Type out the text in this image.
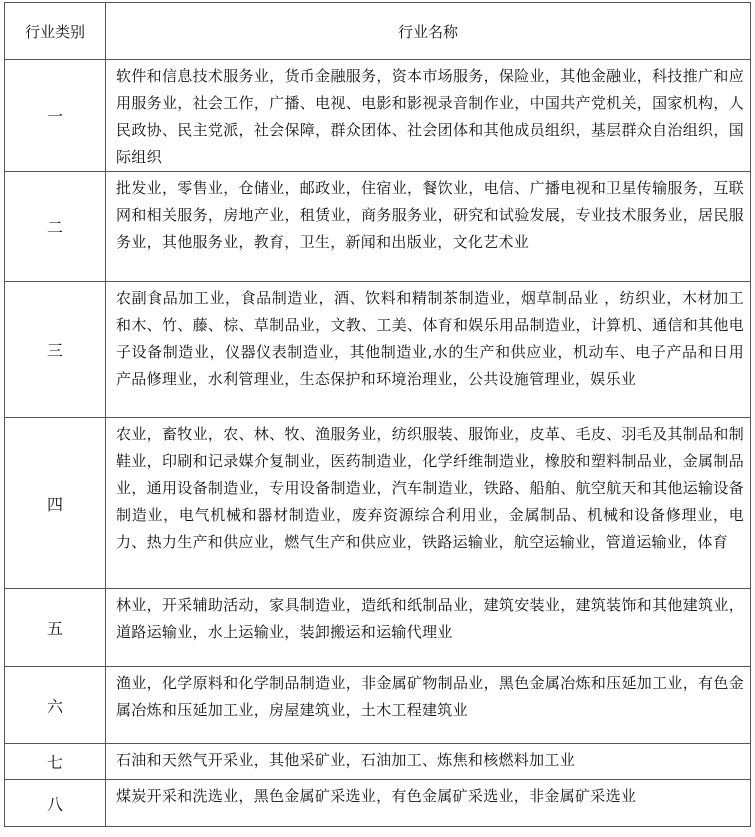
行业类别	行业名称
一	软件和信息技术服务业，货币金融服务，资本市场服务，保险业，其他金融业，科技推广和应用服务业，社会工作，广播、电视、电影和影视录音制作业，中国共产党机关，国家机构，人民政协、民主党派，社会保障，群众团体、社会团体和其他成员组织，基层群众自治组织，国际组织
二	批发业，零售业，仓储业，邮政业，住宿业，餐饮业，电信、广播电视和卫星传输服务，互联网和相关服务，房地产业，租赁业，商务服务业，研究和试验发展，专业技术服务业，居民服务业，其他服务业，教育，卫生，新闻和出版业，文化艺术业
三	农副食品加工业，食品制造业，酒、饮料和精制茶制造业，烟草制品业 ，纺织业，木材加工和木、竹、藤、棕、草制品业，文教、工美、体育和娱乐用品制造业，计算机、通信和其他电子设备制造业，仪器仪表制造业，其他制造业,水的生产和供应业，机动车、电子产品和日用产品修理业，水利管理业，生态保护和环境治理业，公共设施管理业，娱乐业
四	农业，畜牧业，农、林、牧、渔服务业，纺织服装、服饰业，皮革、毛皮、羽毛及其制品和制鞋业，印刷和记录媒介复制业，医药制造业，化学纤维制造业，橡胶和塑料制品业，金属制品业，通用设备制造业，专用设备制造业，汽车制造业，铁路、船舶、航空航天和其他运输设备制造业，电气机械和器材制造业，废弃资源综合利用业，金属制品、机械和设备修理业，电力、热力生产和供应业，燃气生产和供应业，铁路运输业，航空运输业，管道运输业，体育
五	林业，开采辅助活动，家具制造业，造纸和纸制品业，建筑安装业，建筑装饰和其他建筑业，道路运输业，水上运输业，装卸搬运和运输代理业
六	渔业，化学原料和化学制品制造业，非金属矿物制品业，黑色金属冶炼和压延加工业，有色金属冶炼和压延加工业，房屋建筑业，土木工程建筑业
七	石油和天然气开采业，其他采矿业，石油加工、炼焦和核燃料加工业
八	煤炭开采和洗选业，黑色金属矿采选业，有色金属矿采选业，非金属矿采选业
